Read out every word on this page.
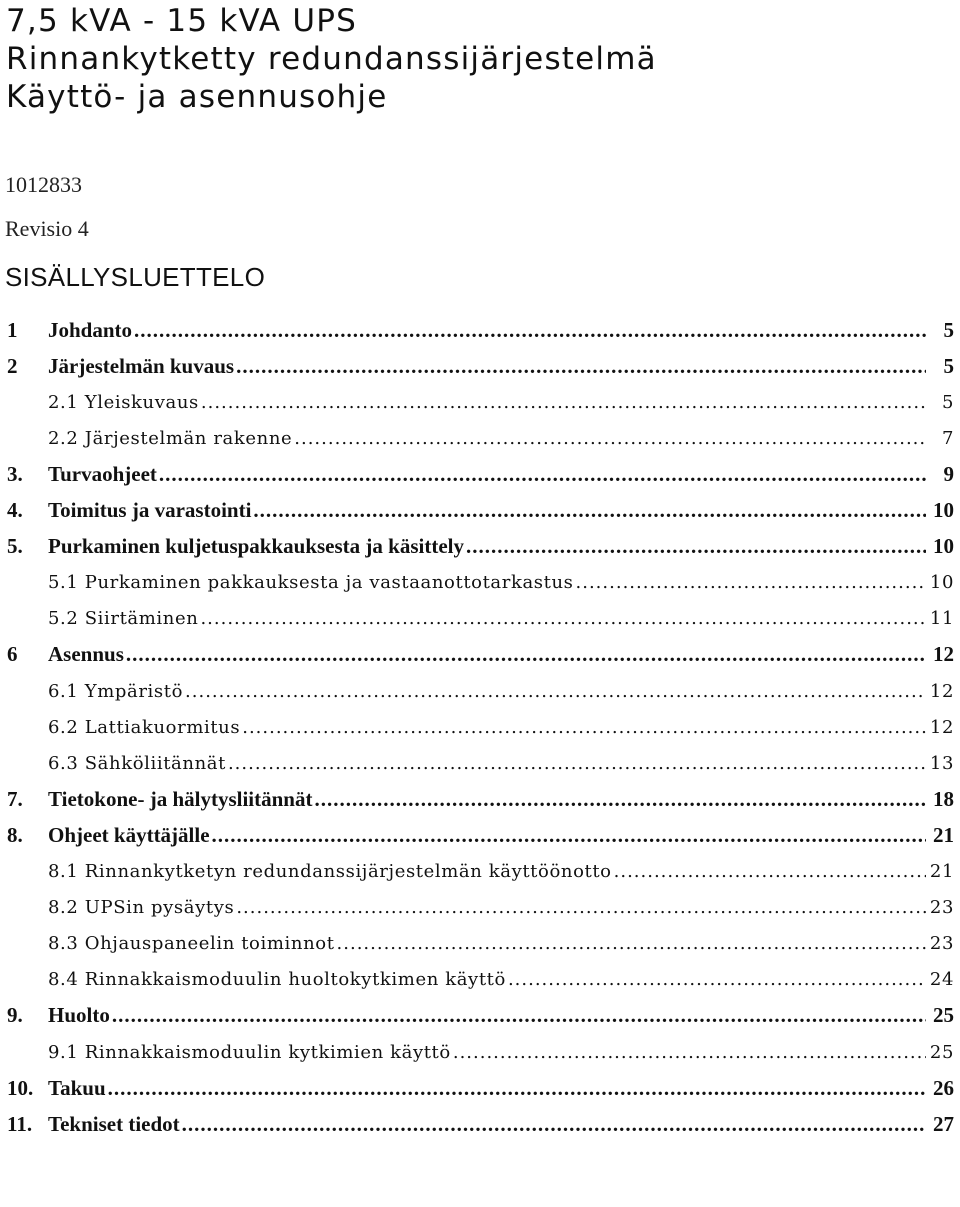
7,5 kVA - 15 kVA UPS
Rinnankytketty redundanssijärjestelmä
Käyttö- ja asennusohje
1012833
Revisio 4
SISÄLLYSLUETTELO
1 Johdanto .....	5
2 Järjestelmän kuvaus .....	5
2.1 Yleiskuvaus .....	5
2.2 Järjestelmän rakenne .....	7
3. Turvaohjeet .....	9
4. Toimitus ja varastointi .....	10
5. Purkaminen kuljetuspakkauksesta ja käsittely .....	10
5.1 Purkaminen pakkauksesta ja vastaanottotarkastus .....	10
5.2 Siirtäminen .....	11
6 Asennus .....	12
6.1 Ympäristö .....	12
6.2 Lattiakuormitus .....	12
6.3 Sähköliitännät .....	13
7. Tietokone- ja hälytysliitännät .....	18
8. Ohjeet käyttäjälle .....	21
8.1 Rinnankytketyn redundanssijärjestelmän käyttöönotto .....	21
8.2 UPSin pysäytys .....	23
8.3 Ohjauspaneelin toiminnot .....	23
8.4 Rinnakkaismoduulin huoltokytkimen käyttö .....	24
9. Huolto .....	25
9.1 Rinnakkaismoduulin kytkimien käyttö .....	25
10. Takuu .....	26
11. Tekniset tiedot .....	27
